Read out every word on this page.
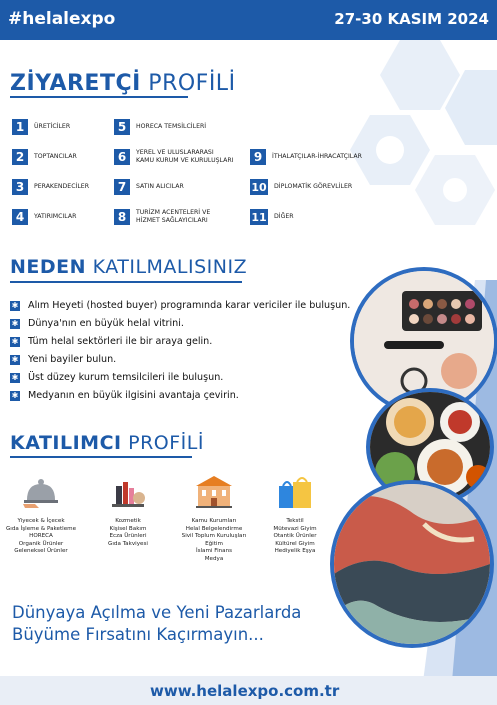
#helalexpo	27-30 KASIM 2024
ZİYARETÇİ PROFİLİ
1	ÜRETİCİLER
2	TOPTANCILAR
3	PERAKENDECİLER
4	YATIRIMCILAR
5	HORECA TEMSİLCİLERİ
6	YEREL VE ULUSLARARASI
KAMU KURUM VE KURULUŞLARI
7	SATIN ALICILAR
8	TURİZM ACENTELERİ VE
HİZMET SAĞLAYICILARI
9	İTHALATÇILAR-İHRACATÇILAR
10 DİPLOMATİK GÖREVLİLER
11 DİĞER
NEDEN KATILMALISINIZ
✱ Alım Heyeti (hosted buyer) programında karar vericiler ile buluşun.
✱ Dünya'nın en büyük helal vitrini.
✱ Tüm helal sektörleri ile bir araya gelin.
✱ Yeni bayiler bulun.
✱ Üst düzey kurum temsilcileri ile buluşun.
✱ Medyanın en büyük ilgisini avantaja çevirin.
KATILIMCI PROFİLİ
Yiyecek & İçecek
Gıda İşleme & Paketleme
HORECA
Organik Ürünler
Geleneksel Ürünler
Kozmetik
Kişisel Bakım
Ecza Ürünleri
Gıda Takviyesi
Kamu Kurumları
Helal Belgelendirme
Sivil Toplum Kuruluşları
Eğitim
İslami Finans
Medya
Tekstil
Mütevazi Giyim
Otantik Ürünler
Kültürel Giyim
Hediyelik Eşya
Dünyaya Açılma ve Yeni Pazarlarda
Büyüme Fırsatını Kaçırmayın...
www.helalexpo.com.tr
